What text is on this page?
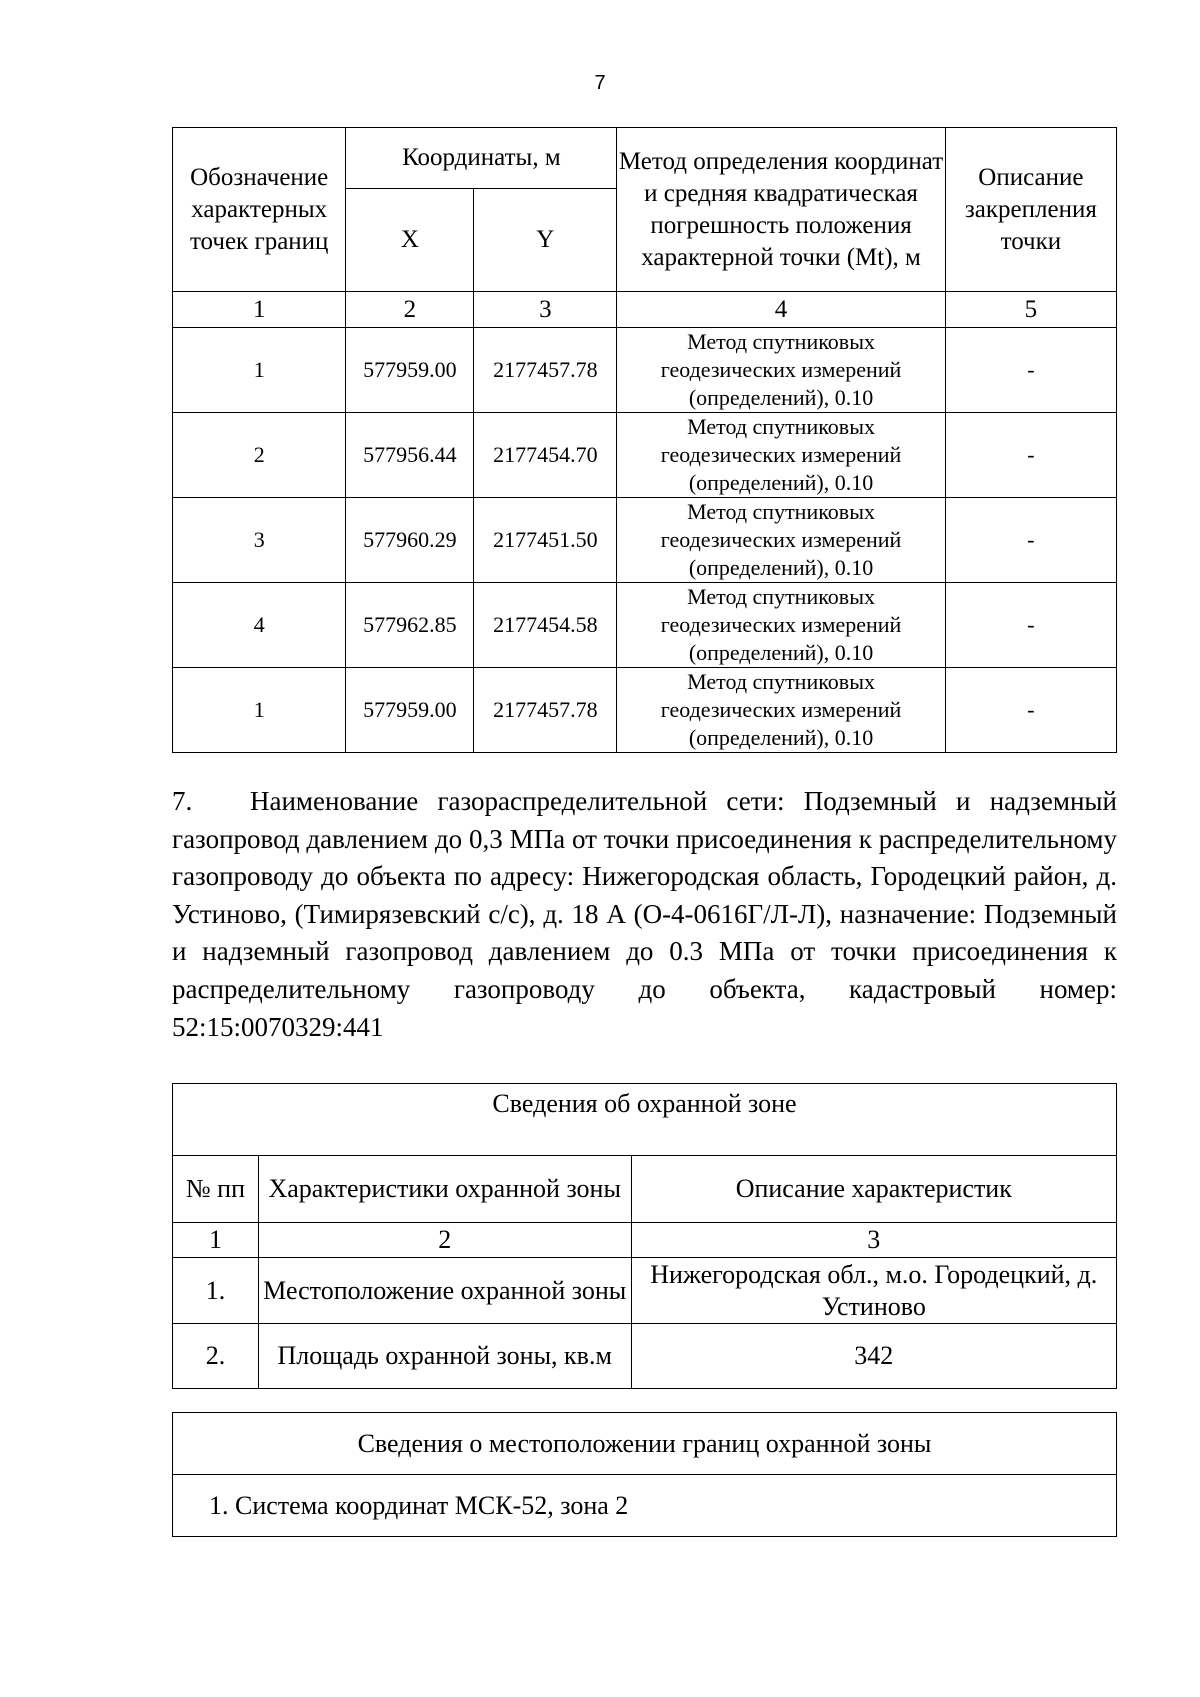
7
Обозначение характерных точек границ	Координаты, м		Метод определения координат и средняя квадратическая погрешность положения характерной точки (Mt), м	Описание закрепления точки
	X	Y		
1	2	3	4	5
1	577959.00	2177457.78	Метод спутниковых геодезических измерений (определений), 0.10	-
2	577956.44	2177454.70	Метод спутниковых геодезических измерений (определений), 0.10	-
3	577960.29	2177451.50	Метод спутниковых геодезических измерений (определений), 0.10	-
4	577962.85	2177454.58	Метод спутниковых геодезических измерений (определений), 0.10	-
1	577959.00	2177457.78	Метод спутниковых геодезических измерений (определений), 0.10	-

7. Наименование газораспределительной сети: Подземный и надземный газопровод давлением до 0,3 МПа от точки присоединения к распределительному газопроводу до объекта по адресу: Нижегородская область, Городецкий район, д. Устиново, (Тимирязевский с/с), д. 18 А (О-4-0616Г/Л-Л), назначение: Подземный и надземный газопровод давлением до 0.3 МПа от точки присоединения к распределительному газопроводу до объекта, кадастровый номер: 52:15:0070329:441

Сведения об охранной зоне		
№ пп	Характеристики охранной зоны	Описание характеристик
1	2	3
1.	Местоположение охранной зоны	Нижегородская обл., м.о. Городецкий, д. Устиново
2.	Площадь охранной зоны, кв.м	342
Сведения о местоположении границ охранной зоны
1. Система координат МСК-52, зона 2
